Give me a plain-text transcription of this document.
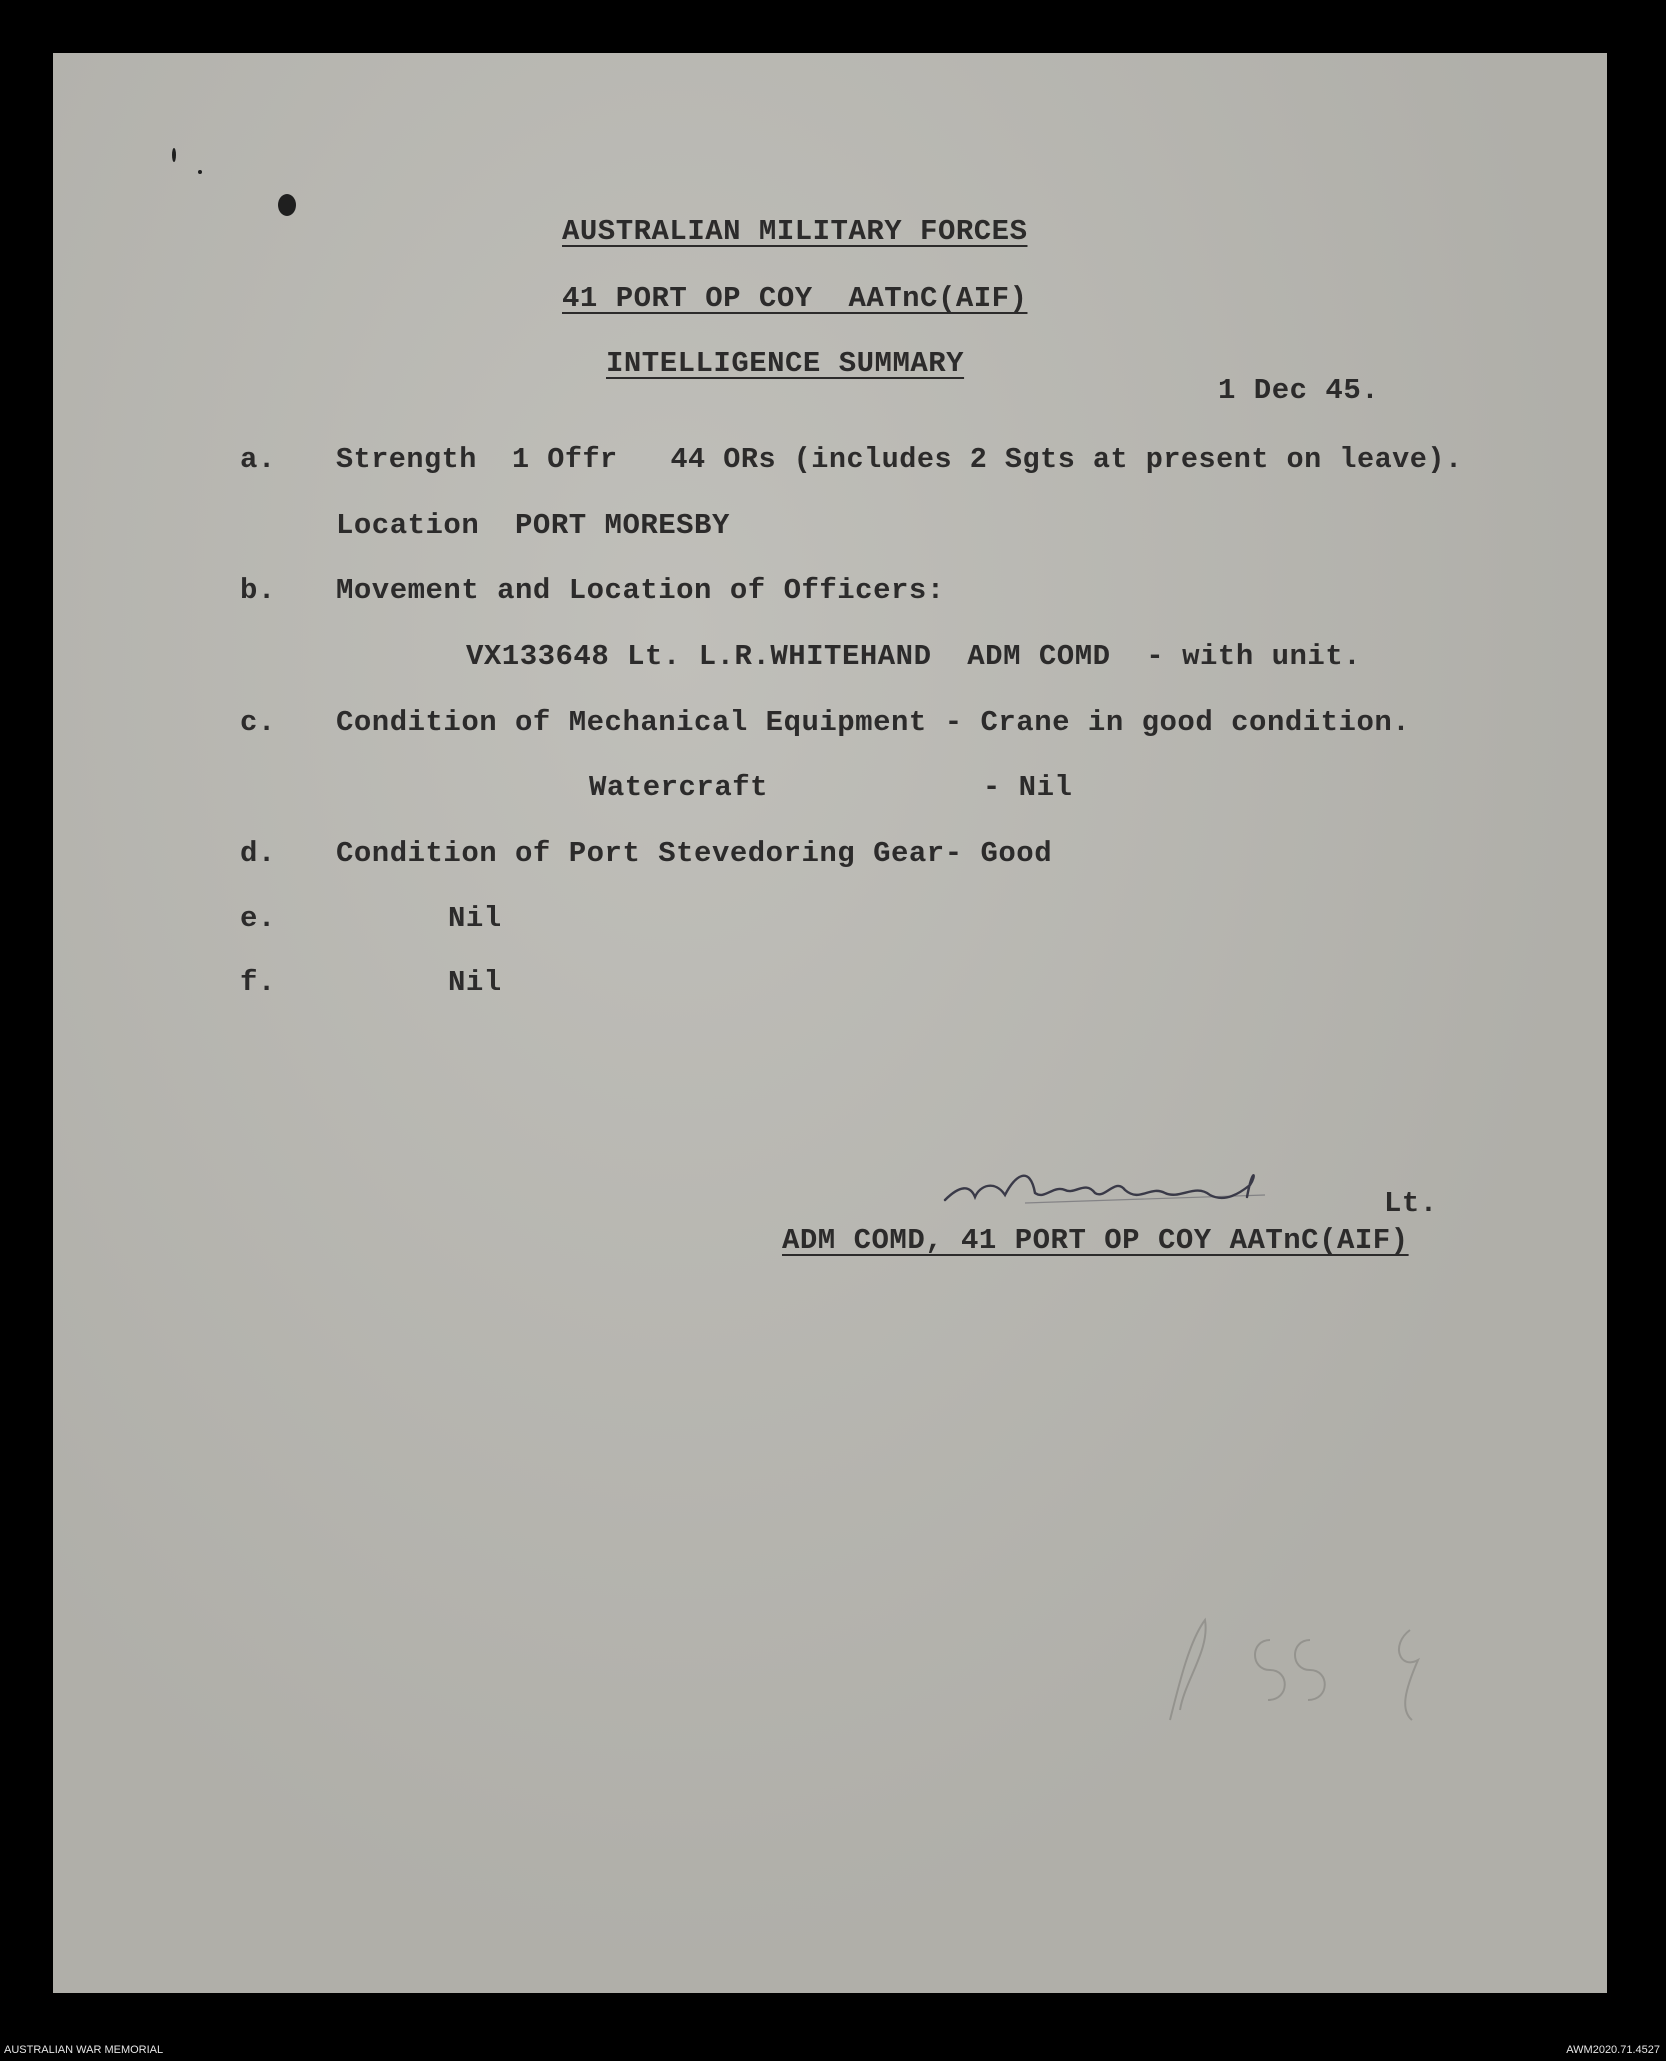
AUSTRALIAN MILITARY FORCES
41 PORT OP COY  AATnC(AIF)
INTELLIGENCE SUMMARY
1 Dec 45.
a. Strength  1 Offr   44 ORs (includes 2 Sgts at present on leave).
Location  PORT MORESBY
b. Movement and Location of Officers:
VX133648 Lt. L.R.WHITEHAND  ADM COMD  - with unit.
c. Condition of Mechanical Equipment - Crane in good condition.
Watercraft            - Nil
d. Condition of Port Stevedoring Gear- Good
e.	Nil
f.	Nil
Lt.
ADM COMD, 41 PORT OP COY AATnC(AIF)
AUSTRALIAN WAR MEMORIAL	AWM2020.71.4527
